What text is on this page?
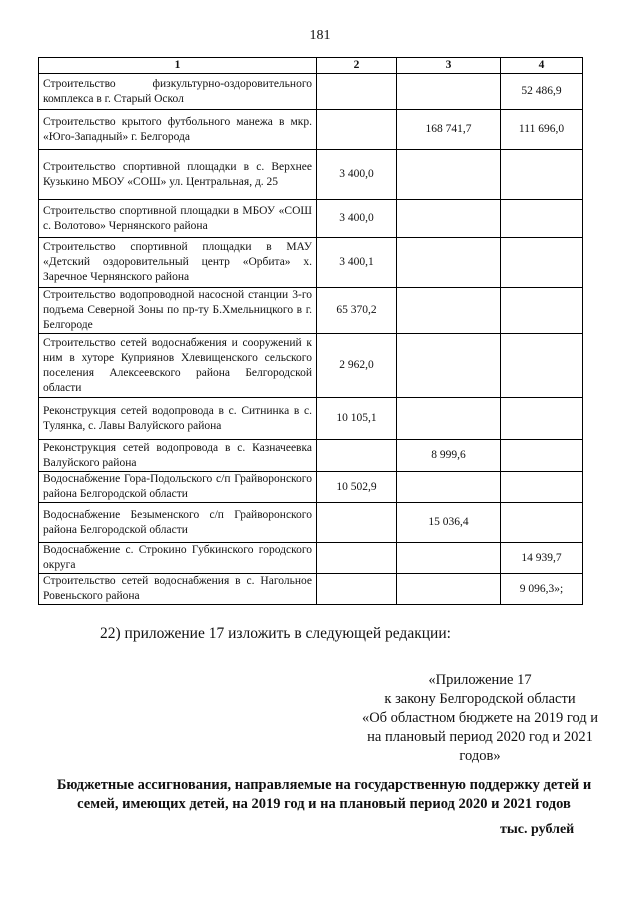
181
1	2	3	4
Строительство физкультурно-оздоровительного комплекса в г. Старый Оскол			52 486,9
Строительство крытого футбольного манежа в мкр. «Юго-Западный» г. Белгорода		168 741,7	111 696,0
Строительство спортивной площадки в с. Верхнее Кузькино МБОУ «СОШ» ул. Центральная, д. 25	3 400,0		
Строительство спортивной площадки в МБОУ «СОШ с. Волотово» Чернянского района	3 400,0		
Строительство спортивной площадки в МАУ «Детский оздоровительный центр «Орбита» х. Заречное Чернянского района	3 400,1		
Строительство водопроводной насосной станции 3-го подъема Северной Зоны по пр-ту Б.Хмельницкого в г. Белгороде	65 370,2		
Строительство сетей водоснабжения и сооружений к ним в хуторе Куприянов Хлевищенского сельского поселения Алексеевского района Белгородской области	2 962,0		
Реконструкция сетей водопровода в с. Ситнинка в с. Тулянка, с. Лавы Валуйского района	10 105,1		
Реконструкция сетей водопровода в с. Казначеевка Валуйского района		8 999,6	
Водоснабжение Гора-Подольского с/п Грайворонского района Белгородской области	10 502,9		
Водоснабжение Безыменского с/п Грайворонского района Белгородской области		15 036,4	
Водоснабжение с. Строкино Губкинского городского округа			14 939,7
Строительство сетей водоснабжения в с. Нагольное Ровеньского района			9 096,3»;
22) приложение 17 изложить в следующей редакции:
«Приложение 17
к закону Белгородской области
«Об областном бюджете на 2019 год и
на плановый период 2020 год и 2021
годов»
Бюджетные ассигнования, направляемые на государственную поддержку детей и
семей, имеющих детей, на 2019 год и на плановый период 2020 и 2021 годов
тыс. рублей
